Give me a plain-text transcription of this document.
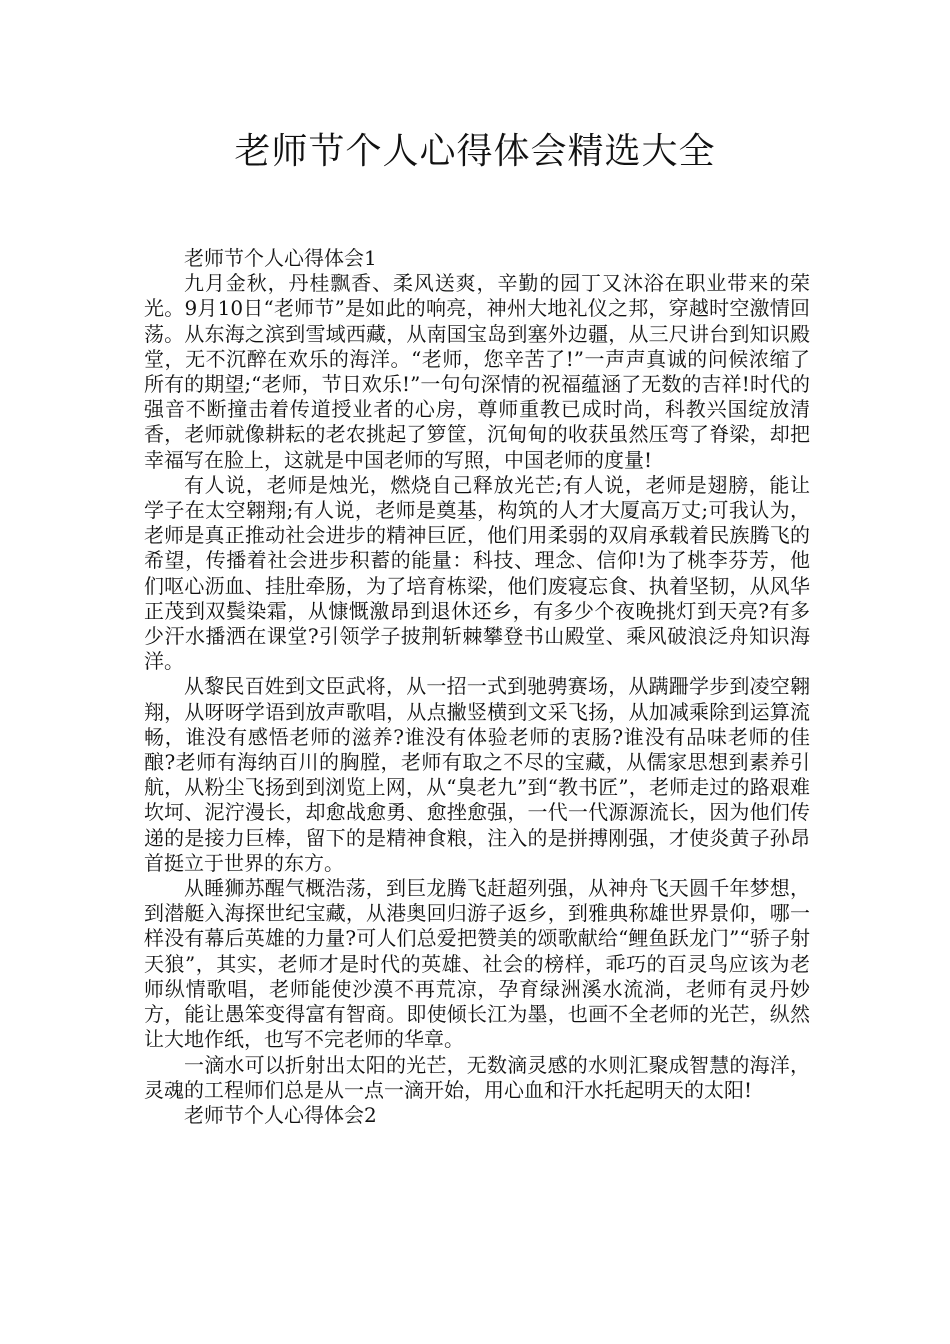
老师节个人心得体会精选大全

老师节个人心得体会1

九月金秋，丹桂飘香、柔风送爽，辛勤的园丁又沐浴在职业带来的荣光。9月10日“老师节”是如此的响亮，神州大地礼仪之邦，穿越时空激情回荡。从东海之滨到雪域西藏，从南国宝岛到塞外边疆，从三尺讲台到知识殿堂，无不沉醉在欢乐的海洋。“老师，您辛苦了!”一声声真诚的问候浓缩了所有的期望;“老师，节日欢乐!”一句句深情的祝福蕴涵了无数的吉祥!时代的强音不断撞击着传道授业者的心房，尊师重教已成时尚，科教兴国绽放清香，老师就像耕耘的老农挑起了箩筐，沉甸甸的收获虽然压弯了脊梁，却把幸福写在脸上，这就是中国老师的写照，中国老师的度量!

有人说，老师是烛光，燃烧自己释放光芒;有人说，老师是翅膀，能让学子在太空翱翔;有人说，老师是奠基，构筑的人才大厦高万丈;可我认为，老师是真正推动社会进步的精神巨匠，他们用柔弱的双肩承载着民族腾飞的希望，传播着社会进步积蓄的能量：科技、理念、信仰!为了桃李芬芳，他们呕心沥血、挂肚牵肠，为了培育栋梁，他们废寝忘食、执着坚韧，从风华正茂到双鬓染霜，从慷慨激昂到退休还乡，有多少个夜晚挑灯到天亮?有多少汗水播洒在课堂?引领学子披荆斩棘攀登书山殿堂、乘风破浪泛舟知识海洋。

从黎民百姓到文臣武将，从一招一式到驰骋赛场，从蹒跚学步到凌空翱翔，从呀呀学语到放声歌唱，从点撇竖横到文采飞扬，从加减乘除到运算流畅，谁没有感悟老师的滋养?谁没有体验老师的衷肠?谁没有品味老师的佳酿?老师有海纳百川的胸膛，老师有取之不尽的宝藏，从儒家思想到素养引航，从粉尘飞扬到到浏览上网，从“臭老九”到“教书匠”，老师走过的路艰难坎坷、泥泞漫长，却愈战愈勇、愈挫愈强，一代一代源源流长，因为他们传递的是接力巨棒，留下的是精神食粮，注入的是拼搏刚强，才使炎黄子孙昂首挺立于世界的东方。

从睡狮苏醒气概浩荡，到巨龙腾飞赶超列强，从神舟飞天圆千年梦想，到潜艇入海探世纪宝藏，从港奥回归游子返乡，到雅典称雄世界景仰，哪一样没有幕后英雄的力量?可人们总爱把赞美的颂歌献给“鲤鱼跃龙门”“骄子射天狼”，其实，老师才是时代的英雄、社会的榜样，乖巧的百灵鸟应该为老师纵情歌唱，老师能使沙漠不再荒凉，孕育绿洲溪水流淌，老师有灵丹妙方，能让愚笨变得富有智商。即使倾长江为墨，也画不全老师的光芒，纵然让大地作纸，也写不完老师的华章。

一滴水可以折射出太阳的光芒，无数滴灵感的水则汇聚成智慧的海洋，灵魂的工程师们总是从一点一滴开始，用心血和汗水托起明天的太阳!

老师节个人心得体会2
